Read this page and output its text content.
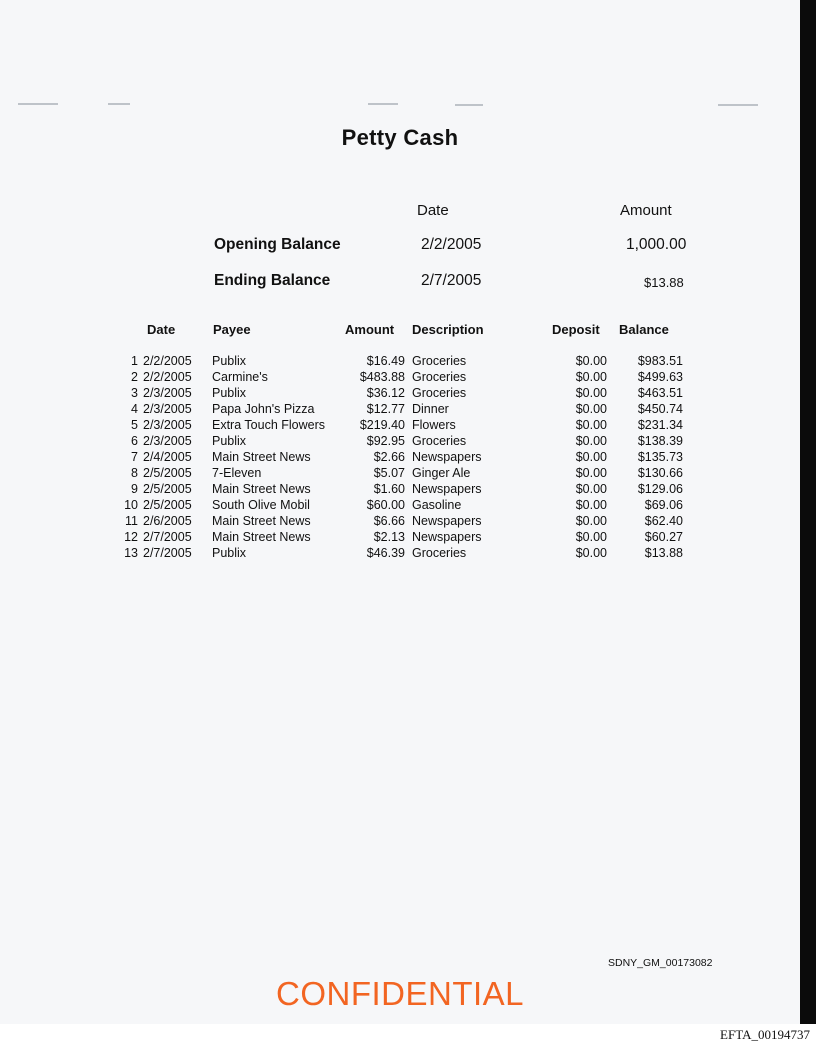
Petty Cash
Date	Amount
Opening Balance	2/2/2005	1,000.00
Ending Balance	2/7/2005	$13.88
Date	Payee	Amount Description	Deposit Balance
1 2/2/2005 Publix	$16.49 Groceries	$0.00	$983.51
2 2/2/2005 Carmine's	$483.88 Groceries	$0.00	$499.63
3 2/3/2005 Publix	$36.12 Groceries	$0.00	$463.51
4 2/3/2005 Papa John's Pizza	$12.77 Dinner	$0.00	$450.74
5 2/3/2005 Extra Touch Flowers	$219.40 Flowers	$0.00	$231.34
6 2/3/2005 Publix	$92.95 Groceries	$0.00	$138.39
7 2/4/2005 Main Street News	$2.66 Newspapers	$0.00	$135.73
8 2/5/2005 7-Eleven	$5.07 Ginger Ale	$0.00	$130.66
9 2/5/2005 Main Street News	$1.60 Newspapers	$0.00	$129.06
10 2/5/2005 South Olive Mobil	$60.00 Gasoline	$0.00	$69.06
11 2/6/2005 Main Street News	$6.66 Newspapers	$0.00	$62.40
12 2/7/2005 Main Street News	$2.13 Newspapers	$0.00	$60.27
13 2/7/2005 Publix	$46.39 Groceries	$0.00	$13.88
SDNY_GM_00173082
CONFIDENTIAL
EFTA_00194737
